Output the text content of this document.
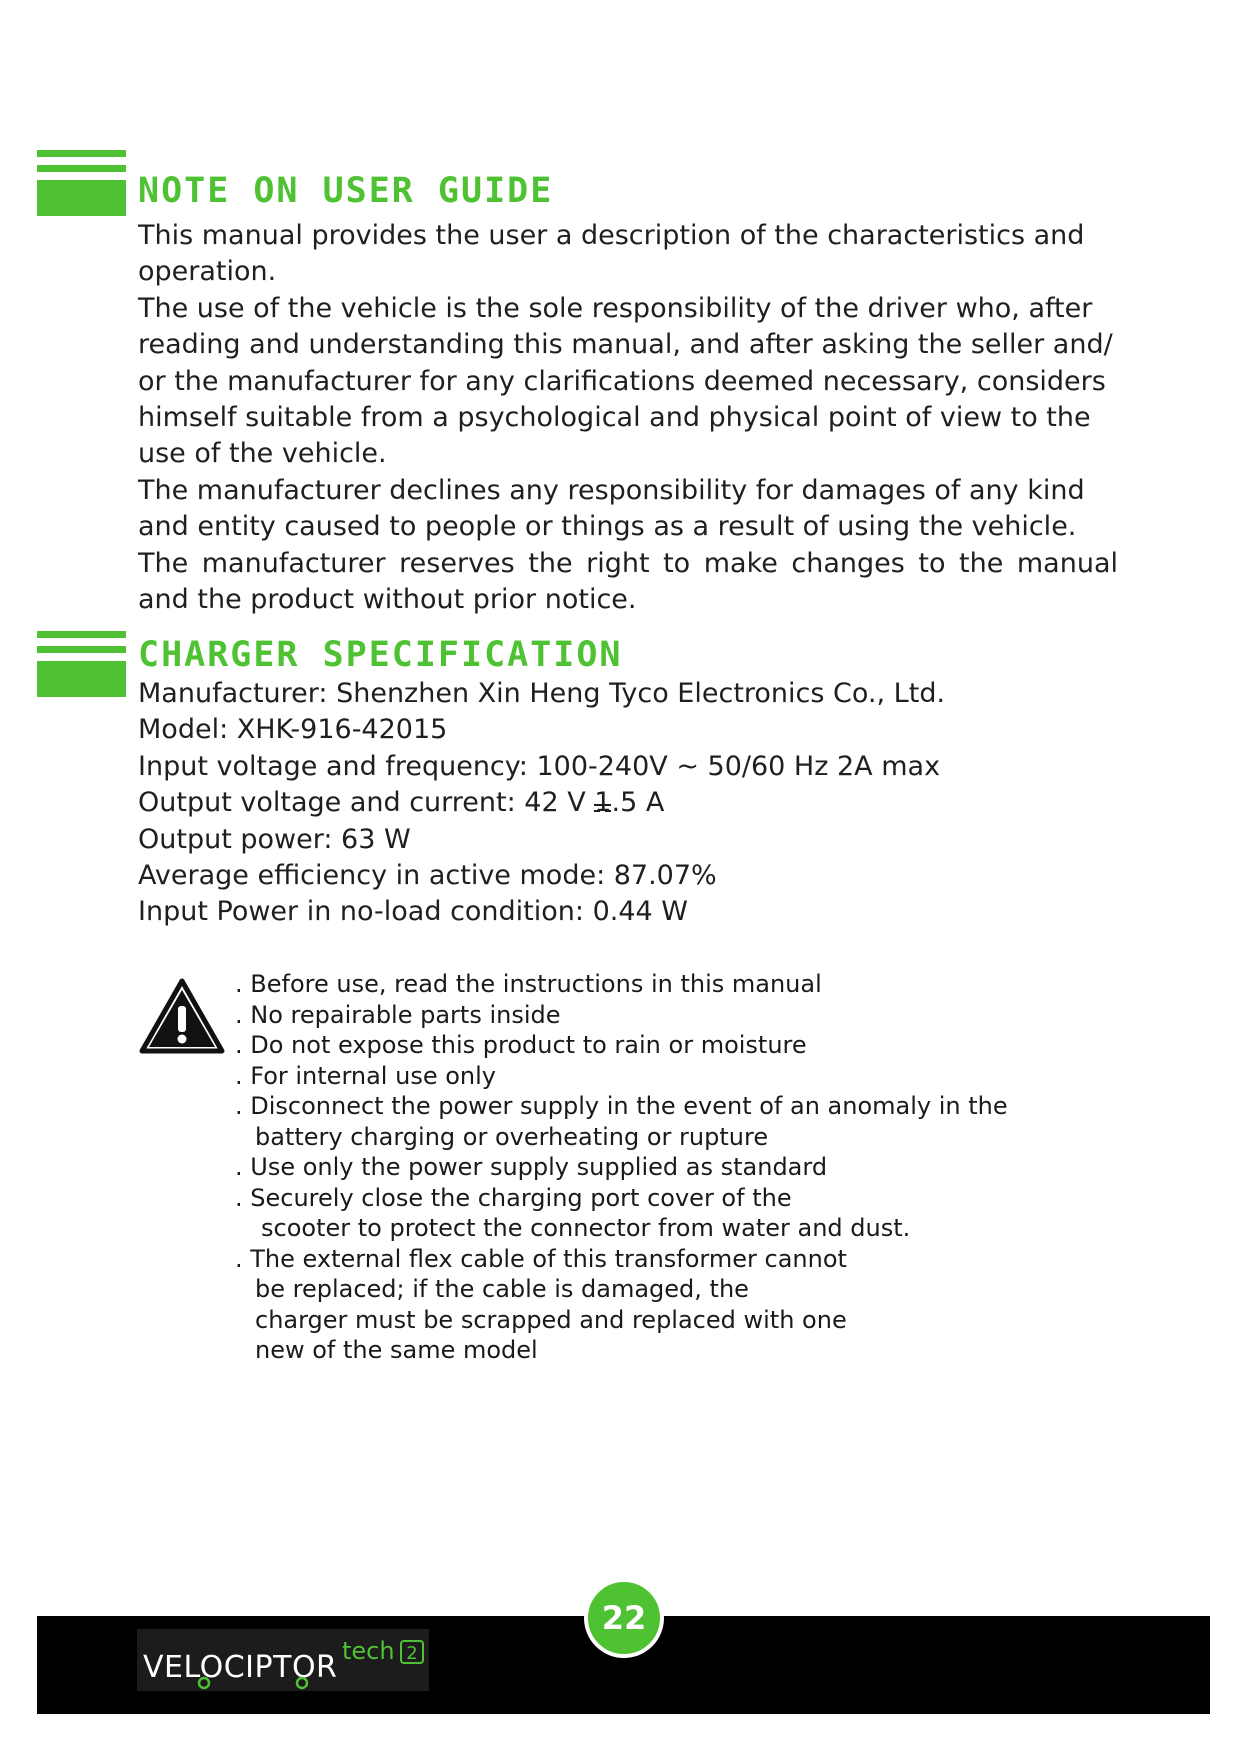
NOTE ON USER GUIDE

This manual provides the user a description of the characteristics and operation.

The use of the vehicle is the sole responsibility of the driver who, after reading and understanding this manual, and after asking the seller and/ or the manufacturer for any clarifications deemed necessary, considers himself suitable from a psychological and physical point of view to the use of the vehicle.

The manufacturer declines any responsibility for damages of any kind and entity caused to people or things as a result of using the vehicle.

The manufacturer reserves the right to make changes to the manual and the product without prior notice.

CHARGER SPECIFICATION
Manufacturer: Shenzhen Xin Heng Tyco Electronics Co., Ltd.
Model: XHK-916-42015
Input voltage and frequency: 100-240V ~ 50/60 Hz 2A max
Output voltage and current: 42 V
1.5 A
Output power: 63 W
Average efficiency in active mode: 87.07%
Input Power in no-load condition: 0.44 W
. Before use, read the instructions in this manual
. No repairable parts inside
. Do not expose this product to rain or moisture
. For internal use only
. Disconnect the power supply in the event of an anomaly in the
battery charging or overheating or rupture
. Use only the power supply supplied as standard
. Securely close the charging port cover of the
scooter to protect the connector from water and dust.
. The external flex cable of this transformer cannot
be replaced; if the cable is damaged, the
charger must be scrapped and replaced with one
new of the same model
VELOCIPTOR tech 2
22
